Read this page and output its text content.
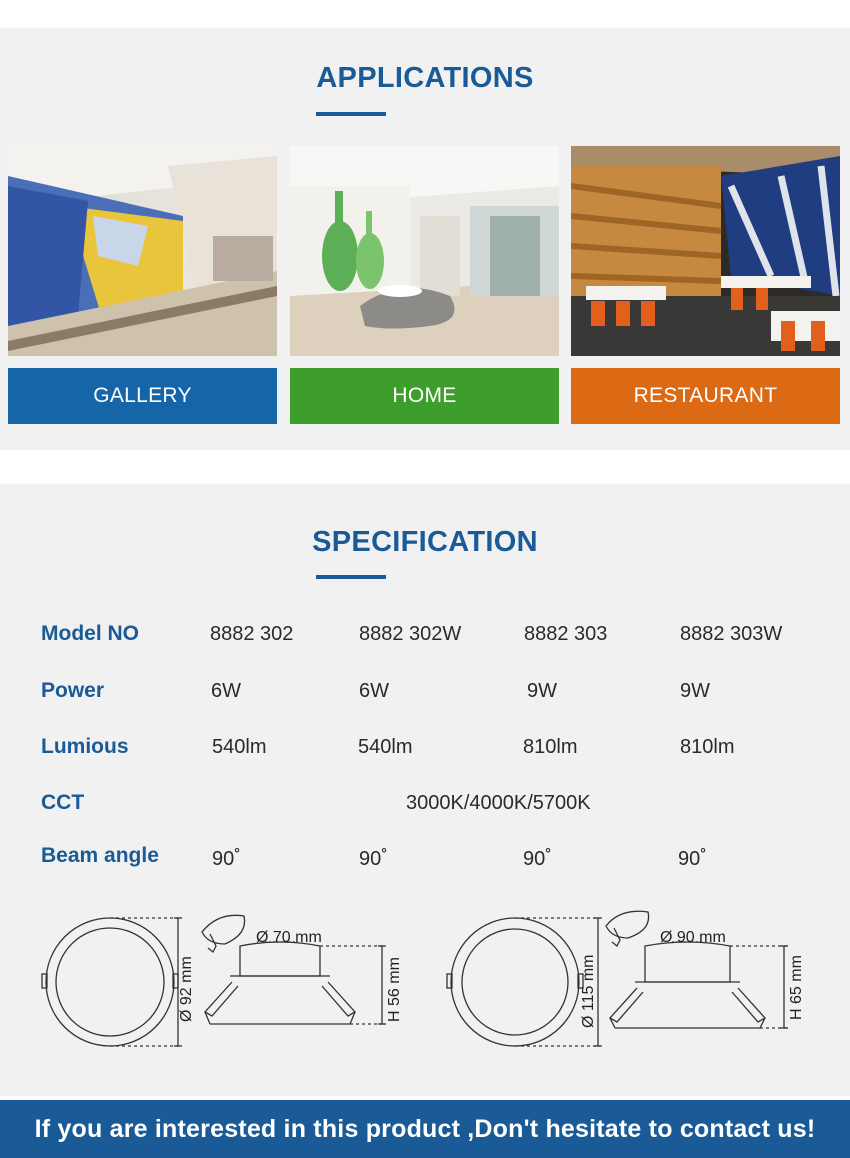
APPLICATIONS
GALLERY	HOME	RESTAURANT
SPECIFICATION
Model NO	8882 302	8882 302W	8882 303	8882 303W
Power	6W	6W	9W	9W
Lumious	540lm	540lm	810lm	810lm
CCT	3000K/4000K/5700K
Beam angle	90°	90°	90°	90°
Ø 70 mm
Ø 92 mm	H 56 mm
Ø 90 mm
Ø 115 mm	H 65 mm
If you are interested in this product ,Don't hesitate to contact us!
